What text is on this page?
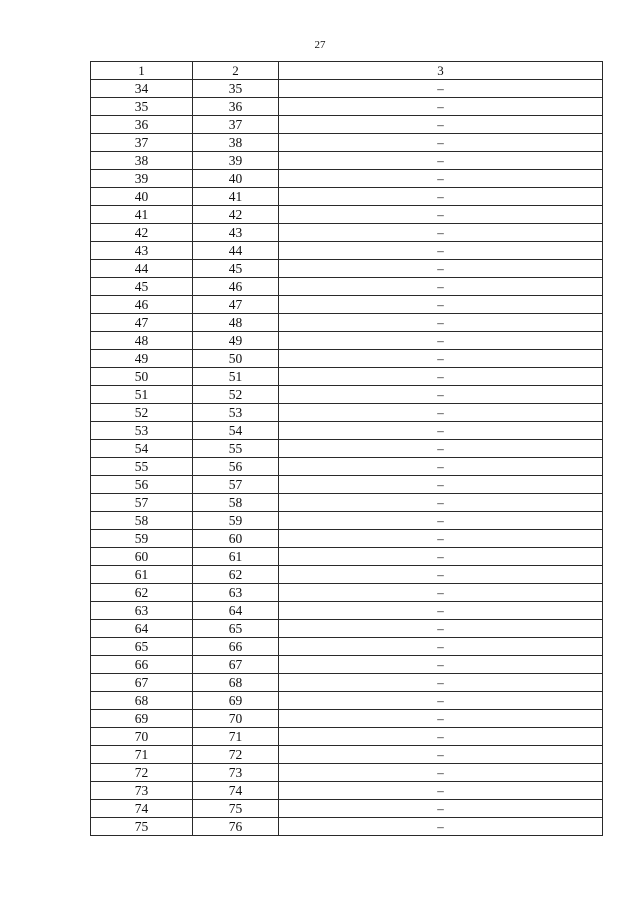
27
1	2	3
34	35	–
35	36	–
36	37	–
37	38	–
38	39	–
39	40	–
40	41	–
41	42	–
42	43	–
43	44	–
44	45	–
45	46	–
46	47	–
47	48	–
48	49	–
49	50	–
50	51	–
51	52	–
52	53	–
53	54	–
54	55	–
55	56	–
56	57	–
57	58	–
58	59	–
59	60	–
60	61	–
61	62	–
62	63	–
63	64	–
64	65	–
65	66	–
66	67	–
67	68	–
68	69	–
69	70	–
70	71	–
71	72	–
72	73	–
73	74	–
74	75	–
75	76	–
